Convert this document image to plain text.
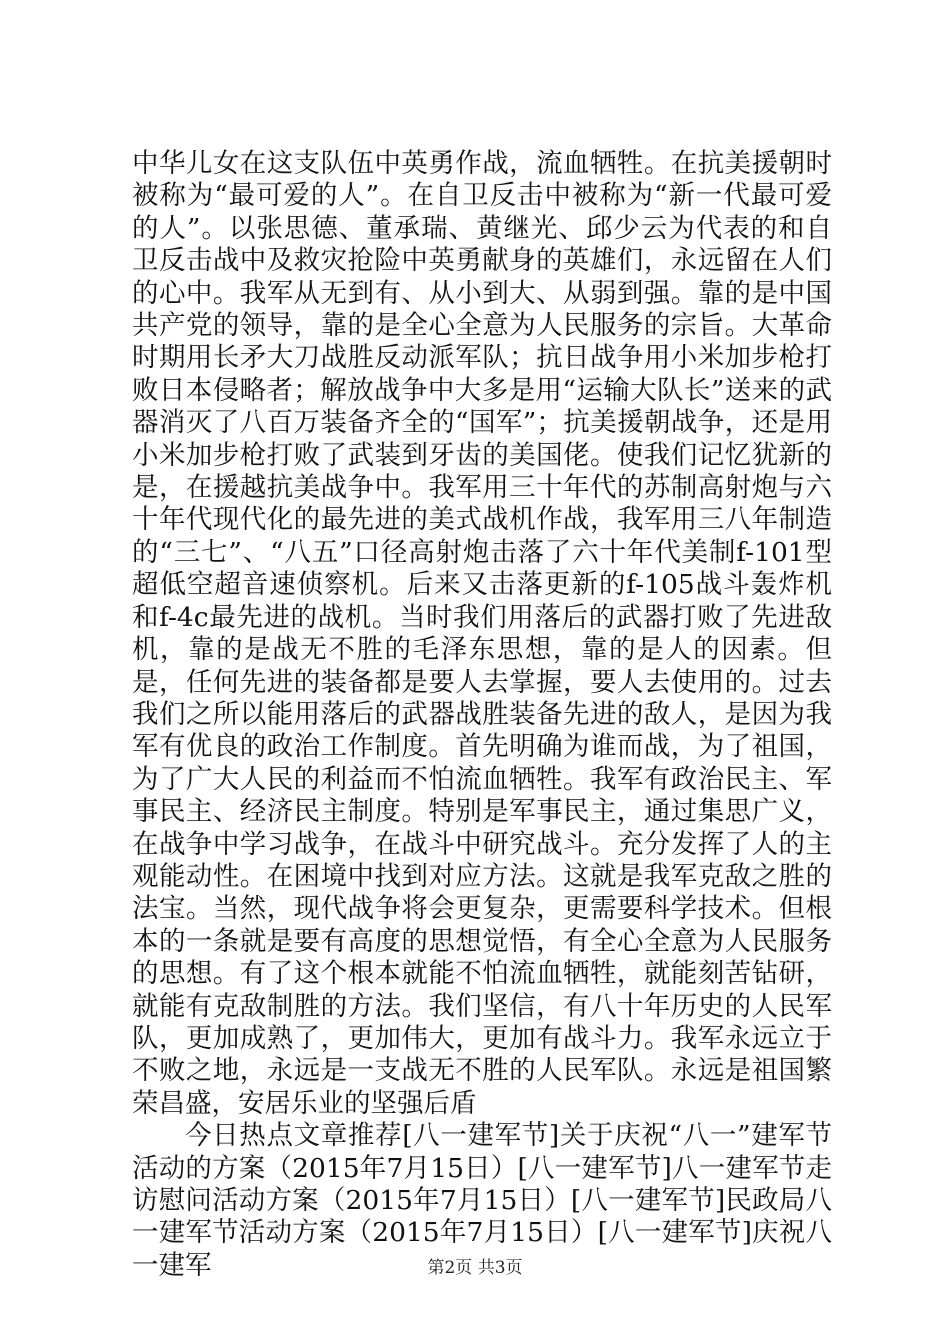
中华儿女在这支队伍中英勇作战，流血牺牲。在抗美援朝时被称为“最可爱的人”。在自卫反击中被称为“新一代最可爱的人”。以张思德、董承瑞、黄继光、邱少云为代表的和自卫反击战中及救灾抢险中英勇献身的英雄们，永远留在人们的心中。我军从无到有、从小到大、从弱到强。靠的是中国共产党的领导，靠的是全心全意为人民服务的宗旨。大革命时期用长矛大刀战胜反动派军队；抗日战争用小米加步枪打败日本侵略者；解放战争中大多是用“运输大队长”送来的武器消灭了八百万装备齐全的“国军”；抗美援朝战争，还是用小米加步枪打败了武装到牙齿的美国佬。使我们记忆犹新的是，在援越抗美战争中。我军用三十年代的苏制高射炮与六十年代现代化的最先进的美式战机作战，我军用三八年制造的“三七”、“八五”口径高射炮击落了六十年代美制f-101型超低空超音速侦察机。后来又击落更新的f-105战斗轰炸机和f-4c最先进的战机。当时我们用落后的武器打败了先进敌机，靠的是战无不胜的毛泽东思想，靠的是人的因素。但是，任何先进的装备都是要人去掌握，要人去使用的。过去我们之所以能用落后的武器战胜装备先进的敌人，是因为我军有优良的政治工作制度。首先明确为谁而战，为了祖国，为了广大人民的利益而不怕流血牺牲。我军有政治民主、军事民主、经济民主制度。特别是军事民主，通过集思广义，在战争中学习战争，在战斗中研究战斗。充分发挥了人的主观能动性。在困境中找到对应方法。这就是我军克敌之胜的法宝。当然，现代战争将会更复杂，更需要科学技术。但根本的一条就是要有高度的思想觉悟，有全心全意为人民服务的思想。有了这个根本就能不怕流血牺牲，就能刻苦钻研，就能有克敌制胜的方法。我们坚信，有八十年历史的人民军队，更加成熟了，更加伟大，更加有战斗力。我军永远立于不败之地，永远是一支战无不胜的人民军队。永远是祖国繁荣昌盛，安居乐业的坚强后盾

今日热点文章推荐[八一建军节]关于庆祝“八一”建军节活动的方案（2015年7月15日）[八一建军节]八一建军节走访慰问活动方案（2015年7月15日）[八一建军节]民政局八一建军节活动方案（2015年7月15日）[八一建军节]庆祝八一建军	第2页 共3页
